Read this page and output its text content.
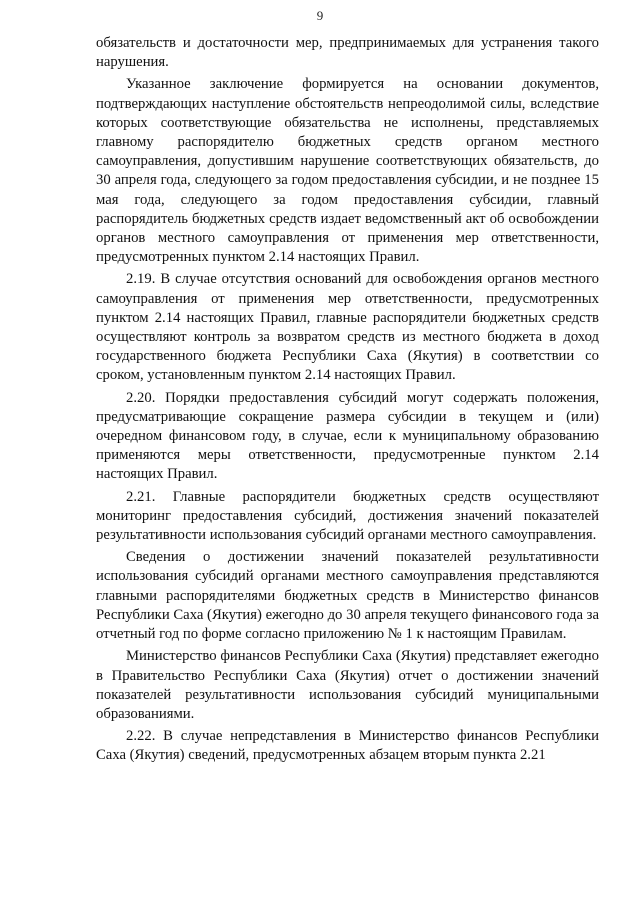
9

обязательств и достаточности мер, предпринимаемых для устранения такого нарушения.

Указанное заключение формируется на основании документов, подтверждающих наступление обстоятельств непреодолимой силы, вследствие которых соответствующие обязательства не исполнены, представляемых главному распорядителю бюджетных средств органом местного самоуправления, допустившим нарушение соответствующих обязательств, до 30 апреля года, следующего за годом предоставления субсидии, и не позднее 15 мая года, следующего за годом предоставления субсидии, главный распорядитель бюджетных средств издает ведомственный акт об освобождении органов местного самоуправления от применения мер ответственности, предусмотренных пунктом 2.14 настоящих Правил.

2.19. В случае отсутствия оснований для освобождения органов местного самоуправления от применения мер ответственности, предусмотренных пунктом 2.14 настоящих Правил, главные распорядители бюджетных средств осуществляют контроль за возвратом средств из местного бюджета в доход государственного бюджета Республики Саха (Якутия) в соответствии со сроком, установленным пунктом 2.14 настоящих Правил.

2.20. Порядки предоставления субсидий могут содержать положения, предусматривающие сокращение размера субсидии в текущем и (или) очередном финансовом году, в случае, если к муниципальному образованию применяются меры ответственности, предусмотренные пунктом 2.14 настоящих Правил.

2.21. Главные распорядители бюджетных средств осуществляют мониторинг предоставления субсидий, достижения значений показателей результативности использования субсидий органами местного самоуправления.

Сведения о достижении значений показателей результативности использования субсидий органами местного самоуправления представляются главными распорядителями бюджетных средств в Министерство финансов Республики Саха (Якутия) ежегодно до 30 апреля текущего финансового года за отчетный год по форме согласно приложению № 1 к настоящим Правилам.

Министерство финансов Республики Саха (Якутия) представляет ежегодно в Правительство Республики Саха (Якутия) отчет о достижении значений показателей результативности использования субсидий муниципальными образованиями.

2.22. В случае непредставления в Министерство финансов Республики Саха (Якутия) сведений, предусмотренных абзацем вторым пункта 2.21
